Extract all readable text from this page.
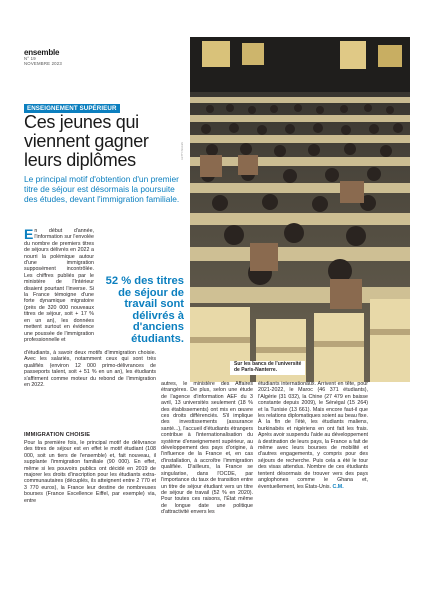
ensemble
N° 19
NOVEMBRE 2023
GETTY IMAGES
Sur les bancs de l'université
de Paris-Nanterre.
ENSEIGNEMENT SUPÉRIEUR
Ces jeunes qui viennent gagner leurs diplômes
Le principal motif d'obtention d'un premier titre de séjour est désormais la poursuite des études, devant l'immigration familiale.

En début d'année, l'information sur l'envolée du nombre de premiers titres de séjours délivrés en 2022 a nourri la polémique autour d'une immigration supposément incontrôlée. Les chiffres publiés par le ministère de l'Intérieur disaient pourtant l'inverse. Si la France témoigne d'une forte dynamique migratoire (près de 320 000 nouveaux titres de séjour, soit + 17 % en un an), les données mettent surtout en évidence une poussée de l'immigration professionnelle et

52 % des titres de séjour de travail sont délivrés à d'anciens étudiants.

d'étudiants, à savoir deux motifs d'immigration choisie. Avec les salariés, notamment ceux qui sont très qualifiés (environ 12 000 primo-délivrances de passeports talent, soit + 51 % en un an), les étudiants s'affirment comme moteur du rebond de l'immigration en 2022.

IMMIGRATION CHOISIE

Pour la première fois, le principal motif de délivrance des titres de séjour est en effet le motif étudiant (108 000, soit un tiers de l'ensemble) et, fait nouveau, il supplante l'immigration familiale (90 000). En effet, même si les pouvoirs publics ont décidé en 2019 de majorer les droits d'inscription pour les étudiants extra-communautaires (décuplés, ils atteignent entre 2 770 et 3 770 euros), la France leur destine de nombreuses bourses (France Excellence Eiffel, par exemple) via, entre

autres, le ministère des Affaires étrangères. De plus, selon une étude de l'agence d'information AEF du 3 avril, 13 universités seulement (18 % des établissements) ont mis en œuvre ces droits différenciés. S'il implique des investissements (assurance santé...), l'accueil d'étudiants étrangers contribue à l'internationalisation du système d'enseignement supérieur, au développement des pays d'origine, à l'influence de la France et, en cas d'installation, à accroître l'immigration qualifiée. D'ailleurs, la France se singularise, dans l'OCDE, par l'importance du taux de transition entre un titre de séjour étudiant vers un titre de séjour de travail (52 % en 2020). Pour toutes ces raisons, l'État même de longue date une politique d'attractivité envers les

étudiants internationaux. Arrivent en tête, pour 2021-2022, le Maroc (46 371 étudiants), l'Algérie (31 032), la Chine (27 479 en baisse constante depuis 2009), le Sénégal (15 264) et la Tunisie (13 661). Mais encore faut-il que les relations diplomatiques soient au beau fixe. À la fin de l'été, les étudiants maliens, burkinabés et nigériens en ont fait les frais. Après avoir suspendu l'aide au développement à destination de leurs pays, la France a fait de même avec leurs bourses de mobilité et d'autres engagements, y compris pour des séjours de recherche. Puis cela a été le tour des visas attendus. Nombre de ces étudiants tentent désormais de trouver vers des pays anglophones comme le Ghana et, éventuellement, les États-Unis. C.M.
